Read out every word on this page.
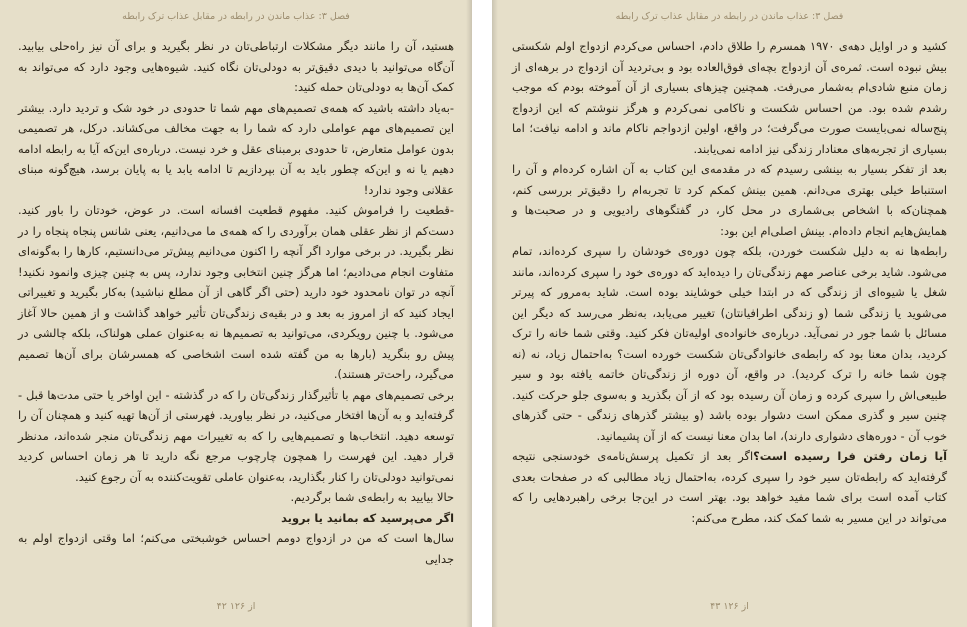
فصل ۳: عذاب ماندن در رابطه در مقابل عذاب ترک رابطه

هستید، آن را مانند دیگر مشکلات ارتباطی‌تان در نظر بگیرید و برای آن نیز راه‌حلی بیابید. آن‌گاه می‌توانید با دیدی دقیق‌تر به دودلی‌تان نگاه کنید. شیوه‌هایی وجود دارد که می‌تواند به کمک آن‌ها به دودلی‌تان حمله کنید:

-به‌یاد داشته باشید که همه‌ی تصمیم‌های مهم شما تا حدودی در خود شک و تردید دارد. بیشتر این تصمیم‌های مهم عواملی دارد که شما را به جهت مخالف می‌کشاند. درکل، هر تصمیمی بدون عوامل متعارض، تا حدودی برمبنای عقل و خرد نیست. درباره‌ی این‌که آیا به رابطه ادامه دهیم یا نه و این‌که چطور باید به آن بپردازیم تا ادامه یابد یا به پایان برسد، هیچ‌گونه مبنای عقلانی وجود ندارد!

-قطعیت را فراموش کنید. مفهوم قطعیت افسانه است. در عوض، خودتان را باور کنید. دست‌کم از نظر عقلی همان برآوردی را که همه‌ی ما می‌دانیم، یعنی شانس پنجاه پنجاه را در نظر بگیرید. در برخی موارد اگر آنچه را اکنون می‌دانیم پیش‌تر می‌دانستیم، کارها را به‌گونه‌ای متفاوت انجام می‌دادیم؛ اما هرگز چنین انتخابی وجود ندارد، پس به چنین چیزی وانمود نکنید! آنچه در توان نامحدود خود دارید (حتی اگر گاهی از آن مطلع نباشید) به‌کار بگیرید و تغییراتی ایجاد کنید که از امروز به بعد و در بقیه‌ی زندگی‌تان تأثیر خواهد گذاشت و از همین حالا آغاز می‌شود. با چنین رویکردی، می‌توانید به تصمیم‌ها نه به‌عنوان عملی هولناک، بلکه چالشی در پیش رو بنگرید (بارها به من گفته شده است اشخاصی که همسرشان برای آن‌ها تصمیم می‌گیرد، راحت‌تر هستند).

برخی تصمیم‌های مهم با تأثیرگذار زندگی‌تان را که در گذشته - این اواخر یا حتی مدت‌ها قبل - گرفته‌اید و به آن‌ها افتخار می‌کنید، در نظر بیاورید. فهرستی از آن‌ها تهیه کنید و همچنان آن را توسعه دهید. انتخاب‌ها و تصمیم‌هایی را که به تغییرات مهم زندگی‌تان منجر شده‌اند، مدنظر قرار دهید. این فهرست را همچون چارچوب مرجع نگه دارید تا هر زمان احساس کردید نمی‌توانید دودلی‌تان را کنار بگذارید، به‌عنوان عاملی تقویت‌کننده به آن رجوع کنید.

حالا بیایید به رابطه‌ی شما برگردیم.

اگر می‌پرسید که بمانید یا بروید

سال‌ها است که من در ازدواج دومم احساس خوشبختی می‌کنم؛ اما وقتی ازدواج اولم به جدایی

۴۲ از ۱۲۶
فصل ۳: عذاب ماندن در رابطه در مقابل عذاب ترک رابطه

کشید و در اوایل دهه‌ی ۱۹۷۰ همسرم را طلاق دادم، احساس می‌کردم ازدواج اولم شکستی بیش نبوده است. ثمره‌ی آن ازدواج بچه‌ای فوق‌العاده بود و بی‌تردید آن ازدواج در برهه‌ای از زمان منبع شادی‌ام به‌شمار می‌رفت. همچنین چیزهای بسیاری از آن آموخته بودم که موجب رشدم شده بود. من احساس شکست و ناکامی نمی‌کردم و هرگز ننوشتم که این ازدواج پنج‌ساله نمی‌بایست صورت می‌گرفت؛ در واقع، اولین ازدواجم ناکام ماند و ادامه نیافت؛ اما بسیاری از تجربه‌های معنادار زندگی نیز ادامه نمی‌یابند.

بعد از تفکر بسیار به بینشی رسیدم که در مقدمه‌ی این کتاب به آن اشاره کرده‌ام و آن را استنباط خیلی بهتری می‌دانم. همین بینش کمکم کرد تا تجربه‌ام را دقیق‌تر بررسی کنم، همچنان‌که با اشخاص بی‌شماری در محل کار، در گفتگوهای رادیویی و در صحبت‌ها و همایش‌هایم انجام داده‌ام. بینش اصلی‌ام این بود:

رابطه‌ها نه به دلیل شکست خوردن، بلکه چون دوره‌ی خودشان را سپری کرده‌اند، تمام می‌شود. شاید برخی عناصر مهم زندگی‌تان را دیده‌اید که دوره‌ی خود را سپری کرده‌اند، مانند شغل یا شیوه‌ای از زندگی که در ابتدا خیلی خوشایند بوده است. شاید به‌مرور که پیرتر می‌شوید یا زندگی شما (و زندگی اطرافیانتان) تغییر می‌یابد، به‌نظر می‌رسد که دیگر این مسائل با شما جور در نمی‌آید. درباره‌ی خانواده‌ی اولیه‌تان فکر کنید. وقتی شما خانه را ترک کردید، بدان معنا بود که رابطه‌ی خانوادگی‌تان شکست خورده است؟ به‌احتمال زیاد، نه (نه چون شما خانه را ترک کردید). در واقع، آن دوره از زندگی‌تان خاتمه یافته بود و سیر طبیعی‌اش را سپری کرده و زمان آن رسیده بود که از آن بگذرید و به‌سوی جلو حرکت کنید. چنین سیر و گذری ممکن است دشوار بوده باشد (و بیشتر گذرهای زندگی - حتی گذرهای خوب آن - دوره‌های دشواری دارند)، اما بدان معنا نیست که از آن پشیمانید.

آیا زمان رفتن فرا رسیده است؟اگر بعد از تکمیل پرسش‌نامه‌ی خودسنجی نتیجه گرفته‌اید که رابطه‌تان سیر خود را سپری کرده، به‌احتمال زیاد مطالبی که در صفحات بعدی کتاب آمده است برای شما مفید خواهد بود. بهتر است در این‌جا برخی راهبردهایی را که می‌تواند در این مسیر به شما کمک کند، مطرح می‌کنم:

۴۳ از ۱۲۶
